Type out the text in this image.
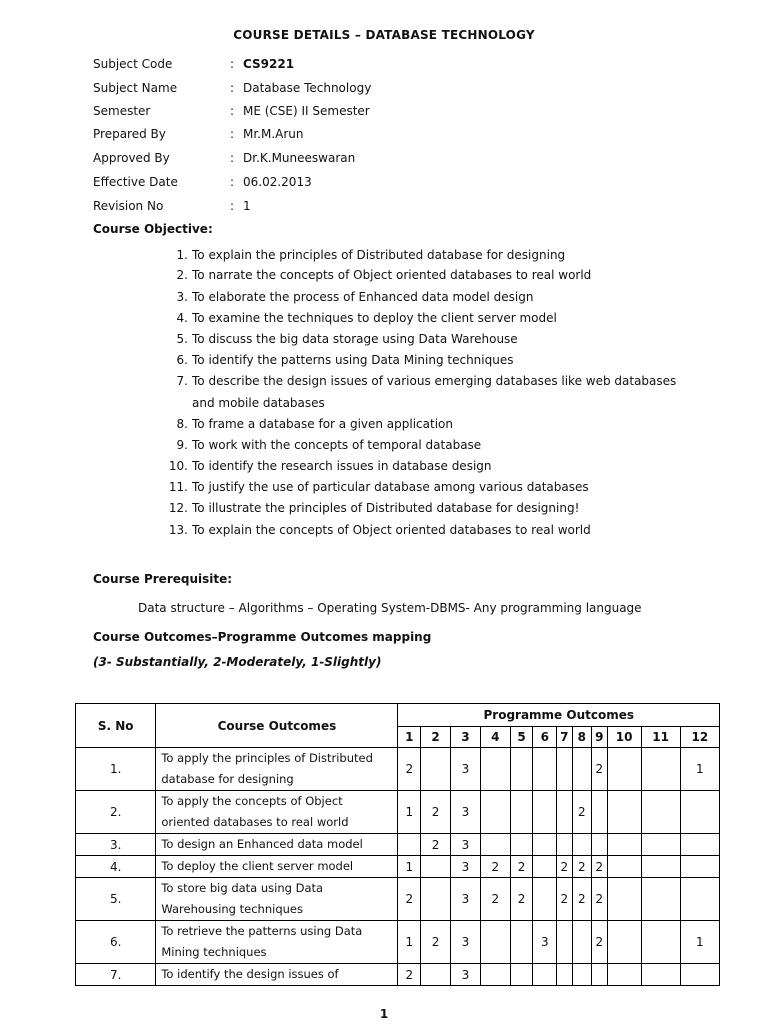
COURSE DETAILS – DATABASE TECHNOLOGY
Subject Code	: CS9221
Subject Name	: Database Technology
Semester	: ME (CSE) II Semester
Prepared By	: Mr.M.Arun
Approved By	: Dr.K.Muneeswaran
Effective Date	: 06.02.2013
Revision No	: 1
Course Objective:
1. To explain the principles of Distributed database for designing
2. To narrate the concepts of Object oriented databases to real world
3. To elaborate the process of Enhanced data model design
4. To examine the techniques to deploy the client server model
5. To discuss the big data storage using Data Warehouse
6. To identify the patterns using Data Mining techniques
7. To describe the design issues of various emerging databases like web databases
and mobile databases
8. To frame a database for a given application
9. To work with the concepts of temporal database
10. To identify the research issues in database design
11. To justify the use of particular database among various databases
12. To illustrate the principles of Distributed database for designing!
13. To explain the concepts of Object oriented databases to real world
Course Prerequisite:
Data structure – Algorithms – Operating System-DBMS- Any programming language
Course Outcomes–Programme Outcomes mapping
(3- Substantially, 2-Moderately, 1-Slightly)
S. No	Course Outcomes	Programme Outcomes											
		1	2	3	4	5	6	7	8	9	10	11	12
1.	To apply the principles of Distributed
database for designing	2		3						2			1
2.	To apply the concepts of Object
oriented databases to real world	1	2	3					2				
3.	To design an Enhanced data model		2	3									
4.	To deploy the client server model	1		3	2	2		2	2	2			
5.	To store big data using Data
Warehousing techniques	2		3	2	2		2	2	2			
6.	To retrieve the patterns using Data
Mining techniques	1	2	3			3			2			1
7.	To identify the design issues of	2		3									
1
